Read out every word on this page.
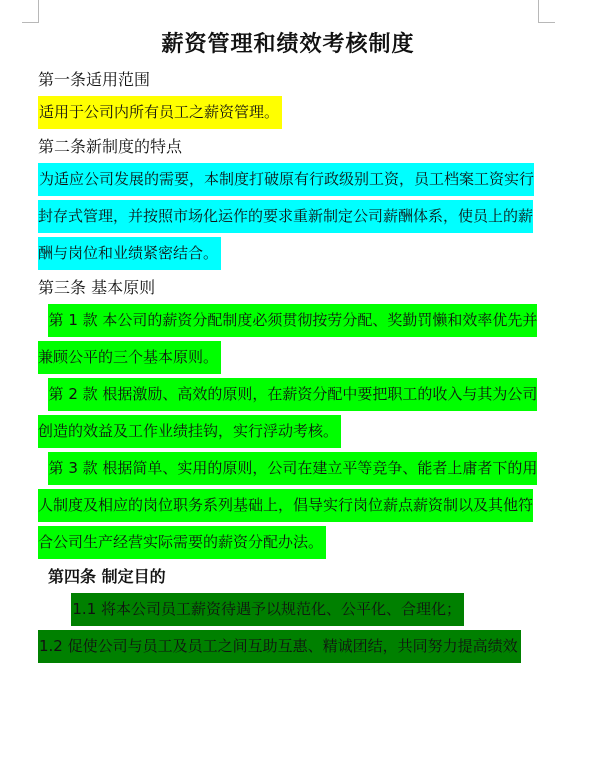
薪资管理和绩效考核制度
第一条适用范围
适用于公司内所有员工之薪资管理。
第二条新制度的特点
为适应公司发展的需要，本制度打破原有行政级别工资，员工档案工资实行封存式管理，并按照市场化运作的要求重新制定公司薪酬体系，使员上的薪酬与岗位和业绩紧密结合。
第三条 基本原则
第 1 款 本公司的薪资分配制度必须贯彻按劳分配、奖勤罚懒和效率优先并兼顾公平的三个基本原则。
第 2 款 根据激励、高效的原则，在薪资分配中要把职工的收入与其为公司创造的效益及工作业绩挂钩，实行浮动考核。
第 3 款 根据简单、实用的原则，公司在建立平等竞争、能者上庸者下的用人制度及相应的岗位职务系列基础上，倡导实行岗位薪点薪资制以及其他符合公司生产经营实际需要的薪资分配办法。
第四条 制定目的
1.1 将本公司员工薪资待遇予以规范化、公平化、合理化；
1.2 促使公司与员工及员工之间互助互惠、精诚团结，共同努力提高绩效
